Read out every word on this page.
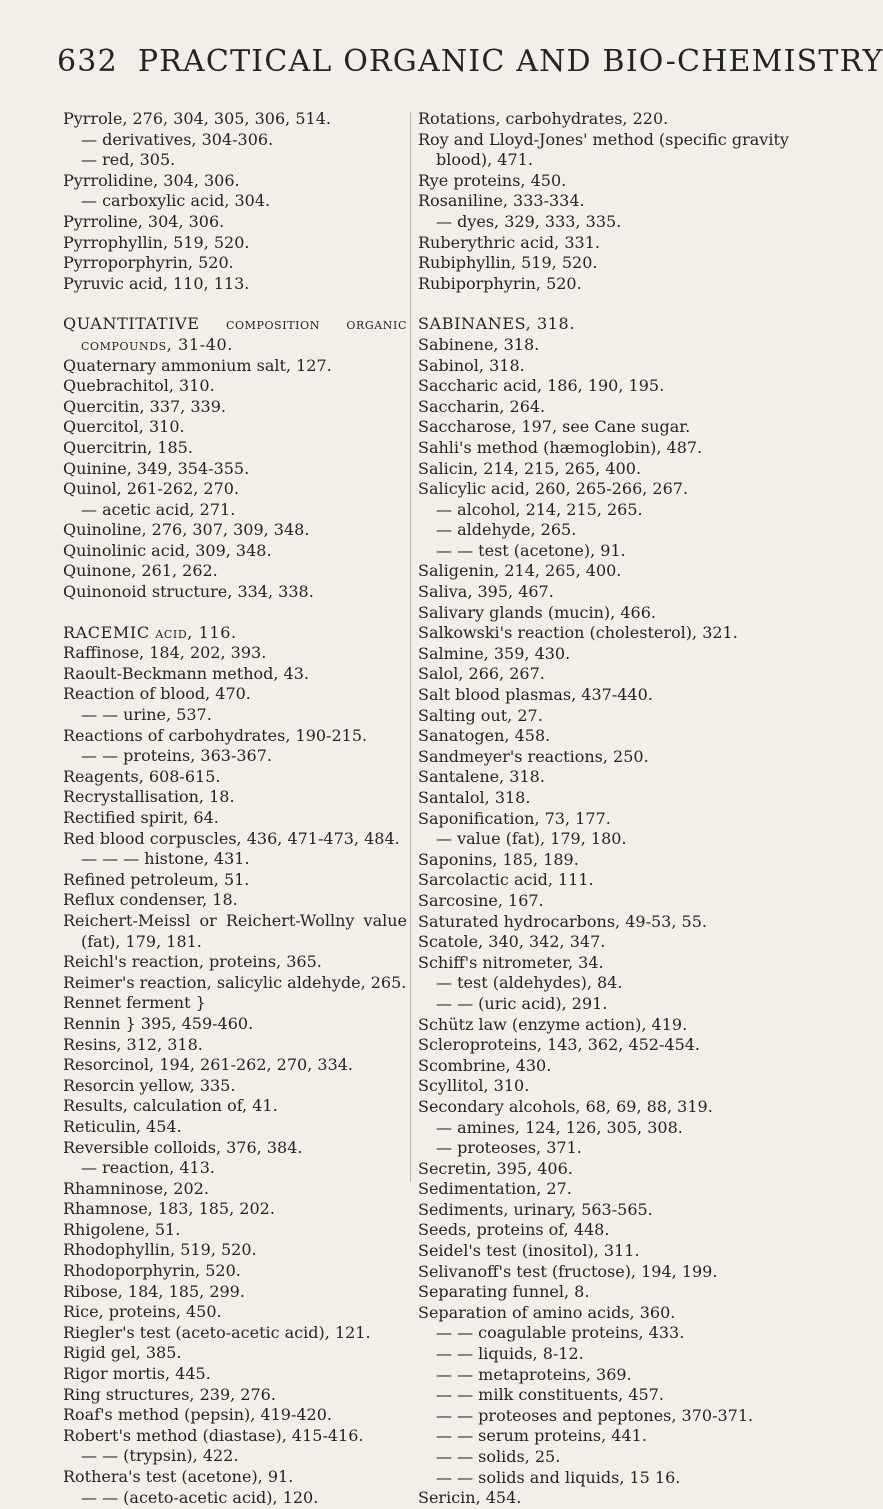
632 PRACTICAL ORGANIC AND BIO-CHEMISTRY
Pyrrole, 276, 304, 305, 306, 514.
— derivatives, 304-306.
— red, 305.
Pyrrolidine, 304, 306.
— carboxylic acid, 304.
Pyrroline, 304, 306.
Pyrrophyllin, 519, 520.
Pyrroporphyrin, 520.
Pyruvic acid, 110, 113.
QUANTITATIVE composition organic compounds, 31-40.
Quaternary ammonium salt, 127.
Quebrachitol, 310.
Quercitin, 337, 339.
Quercitol, 310.
Quercitrin, 185.
Quinine, 349, 354-355.
Quinol, 261-262, 270.
— acetic acid, 271.
Quinoline, 276, 307, 309, 348.
Quinolinic acid, 309, 348.
Quinone, 261, 262.
Quinonoid structure, 334, 338.
RACEMIC acid, 116.
Raffinose, 184, 202, 393.
Raoult-Beckmann method, 43.
Reaction of blood, 470.
— — urine, 537.
Reactions of carbohydrates, 190-215.
— — proteins, 363-367.
Reagents, 608-615.
Recrystallisation, 18.
Rectified spirit, 64.
Red blood corpuscles, 436, 471-473, 484.
— — — histone, 431.
Refined petroleum, 51.
Reflux condenser, 18.
Reichert-Meissl or Reichert-Wollny value (fat), 179, 181.
Reichl's reaction, proteins, 365.
Reimer's reaction, salicylic aldehyde, 265.
Rennet ferment }
Rennin } 395, 459-460.
Resins, 312, 318.
Resorcinol, 194, 261-262, 270, 334.
Resorcin yellow, 335.
Results, calculation of, 41.
Reticulin, 454.
Reversible colloids, 376, 384.
— reaction, 413.
Rhamninose, 202.
Rhamnose, 183, 185, 202.
Rhigolene, 51.
Rhodophyllin, 519, 520.
Rhodoporphyrin, 520.
Ribose, 184, 185, 299.
Rice, proteins, 450.
Riegler's test (aceto-acetic acid), 121.
Rigid gel, 385.
Rigor mortis, 445.
Ring structures, 239, 276.
Roaf's method (pepsin), 419-420.
Robert's method (diastase), 415-416.
— — (trypsin), 422.
Rothera's test (acetone), 91.
— — (aceto-acetic acid), 120.
Rotations, carbohydrates, 220.
Roy and Lloyd-Jones' method (specific gravity blood), 471.
Rye proteins, 450.
Rosaniline, 333-334.
— dyes, 329, 333, 335.
Ruberythric acid, 331.
Rubiphyllin, 519, 520.
Rubiporphyrin, 520.
SABINANES, 318.
Sabinene, 318.
Sabinol, 318.
Saccharic acid, 186, 190, 195.
Saccharin, 264.
Saccharose, 197, see Cane sugar.
Sahli's method (hæmoglobin), 487.
Salicin, 214, 215, 265, 400.
Salicylic acid, 260, 265-266, 267.
— alcohol, 214, 215, 265.
— aldehyde, 265.
— — test (acetone), 91.
Saligenin, 214, 265, 400.
Saliva, 395, 467.
Salivary glands (mucin), 466.
Salkowski's reaction (cholesterol), 321.
Salmine, 359, 430.
Salol, 266, 267.
Salt blood plasmas, 437-440.
Salting out, 27.
Sanatogen, 458.
Sandmeyer's reactions, 250.
Santalene, 318.
Santalol, 318.
Saponification, 73, 177.
— value (fat), 179, 180.
Saponins, 185, 189.
Sarcolactic acid, 111.
Sarcosine, 167.
Saturated hydrocarbons, 49-53, 55.
Scatole, 340, 342, 347.
Schiff's nitrometer, 34.
— test (aldehydes), 84.
— — (uric acid), 291.
Schütz law (enzyme action), 419.
Scleroproteins, 143, 362, 452-454.
Scombrine, 430.
Scyllitol, 310.
Secondary alcohols, 68, 69, 88, 319.
— amines, 124, 126, 305, 308.
— proteoses, 371.
Secretin, 395, 406.
Sedimentation, 27.
Sediments, urinary, 563-565.
Seeds, proteins of, 448.
Seidel's test (inositol), 311.
Selivanoff's test (fructose), 194, 199.
Separating funnel, 8.
Separation of amino acids, 360.
— — coagulable proteins, 433.
— — liquids, 8-12.
— — metaproteins, 369.
— — milk constituents, 457.
— — proteoses and peptones, 370-371.
— — serum proteins, 441.
— — solids, 25.
— — solids and liquids, 15 16.
Sericin, 454.
